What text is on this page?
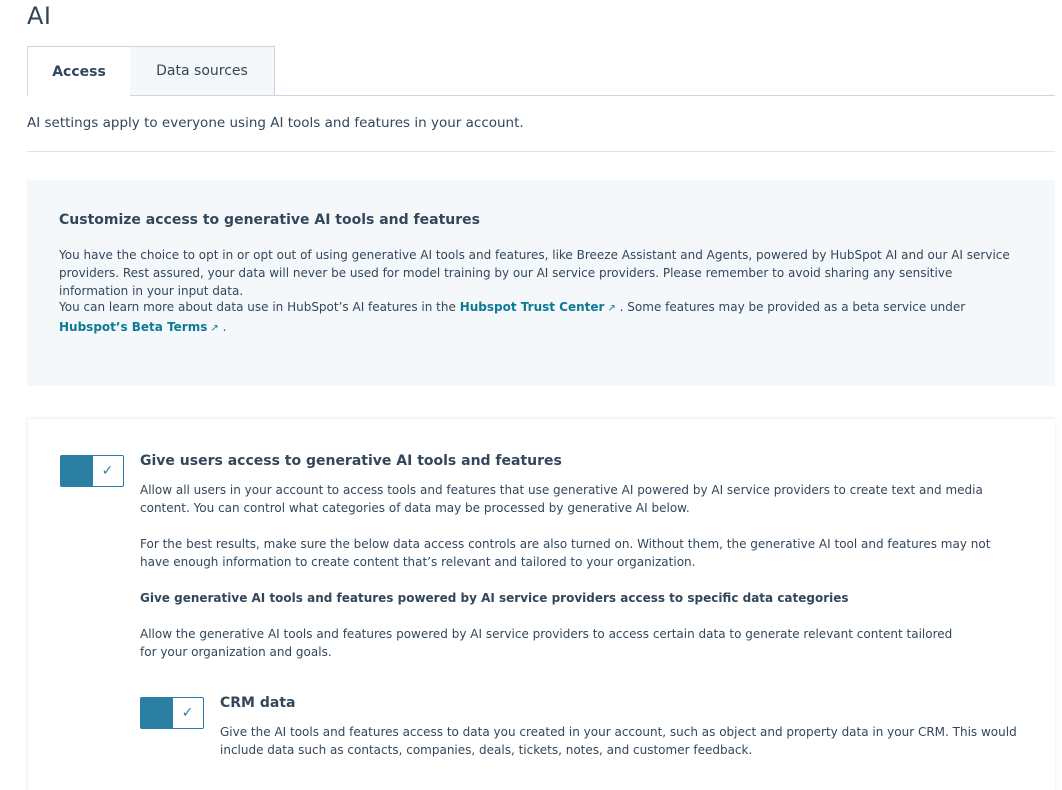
AI
Access	Data sources
AI settings apply to everyone using AI tools and features in your account.
Customize access to generative AI tools and features
You have the choice to opt in or opt out of using generative AI tools and features, like Breeze Assistant and Agents, powered by HubSpot AI and our AI service providers. Rest assured, your data will never be used for model training by our AI service providers. Please remember to avoid sharing any sensitive information in your input data.
You can learn more about data use in HubSpot’s AI features in the Hubspot Trust Center ↗ . Some features may be provided as a beta service under Hubspot’s Beta Terms ↗ .
✓
Give users access to generative AI tools and features
Allow all users in your account to access tools and features that use generative AI powered by AI service providers to create text and media content. You can control what categories of data may be processed by generative AI below.
For the best results, make sure the below data access controls are also turned on. Without them, the generative AI tool and features may not have enough information to create content that’s relevant and tailored to your organization.
Give generative AI tools and features powered by AI service providers access to specific data categories
Allow the generative AI tools and features powered by AI service providers to access certain data to generate relevant content tailored for your organization and goals.
✓
CRM data
Give the AI tools and features access to data you created in your account, such as object and property data in your CRM. This would include data such as contacts, companies, deals, tickets, notes, and customer feedback.
